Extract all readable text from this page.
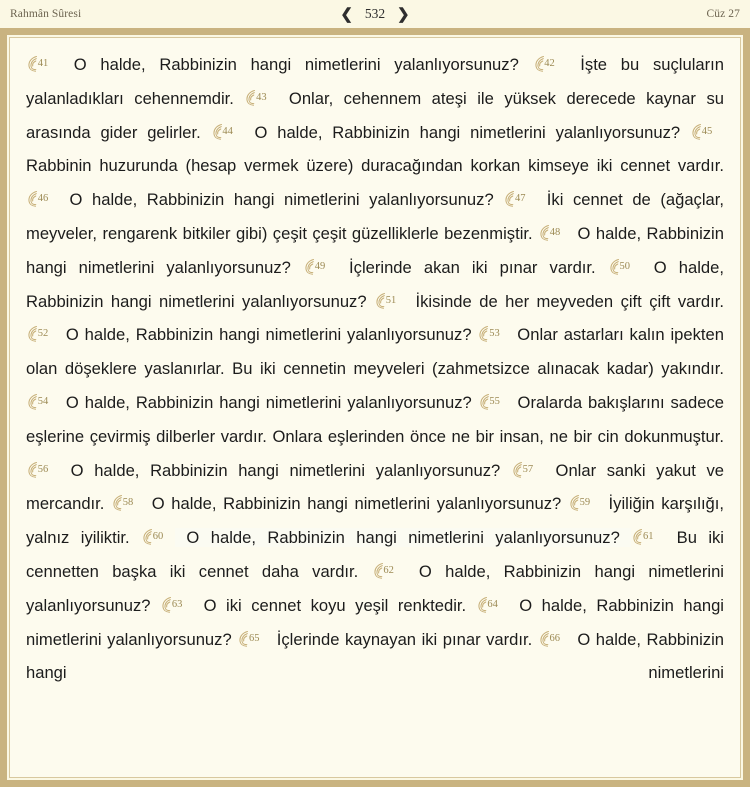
Rahmân Sûresi	❮ 532 ❯	Cüz 27
41 O halde, Rabbinizin hangi nimetlerini yalanlıyorsunuz?	42 İşte bu suçluların yalanladıkları cehennemdir.	43 Onlar, cehennem ateşi ile yüksek derecede kaynar su arasında gider gelirler.	44 O halde, Rabbinizin hangi nimetlerini yalanlıyorsunuz?	45
Rabbinin huzurunda (hesap vermek üzere) duracağından korkan kimseye iki cennet vardır.
46 O halde, Rabbinizin hangi nimetlerini yalanlıyorsunuz?	47 İki cennet de (ağaçlar, meyveler, rengarenk bitkiler gibi) çeşit çeşit güzelliklerle bezenmiştir.	48 O halde, Rabbinizin hangi nimetlerini yalanlıyorsunuz?	49 İçlerinde akan iki pınar vardır.	50 O halde, Rabbinizin hangi nimetlerini yalanlıyorsunuz?	51 İkisinde de her meyveden çift çift vardır.
52 O halde, Rabbinizin hangi nimetlerini yalanlıyorsunuz?	53 Onlar astarları kalın ipekten olan döşeklere yaslanırlar. Bu iki cennetin meyveleri (zahmetsizce alınacak kadar) yakındır.
54 O halde, Rabbinizin hangi nimetlerini yalanlıyorsunuz?	55 Oralarda bakışlarını sadece eşlerine çevirmiş dilberler vardır. Onlara eşlerinden önce ne bir insan, ne bir cin dokunmuştur.
56 O halde, Rabbinizin hangi nimetlerini yalanlıyorsunuz?	57 Onlar sanki yakut ve mercandır.	58 O halde, Rabbinizin hangi nimetlerini yalanlıyorsunuz?	59 İyiliğin karşılığı, yalnız iyiliktir.	60 O halde, Rabbinizin hangi nimetlerini yalanlıyorsunuz?	61 Bu iki cennetten başka iki cennet daha vardır.	62 O halde, Rabbinizin hangi nimetlerini yalanlıyorsunuz?	63 O iki cennet koyu yeşil renktedir.	64 O halde, Rabbinizin hangi nimetlerini yalanlıyorsunuz?	65 İçlerinde kaynayan iki pınar vardır.	66 O halde, Rabbinizin hangi nimetlerini
